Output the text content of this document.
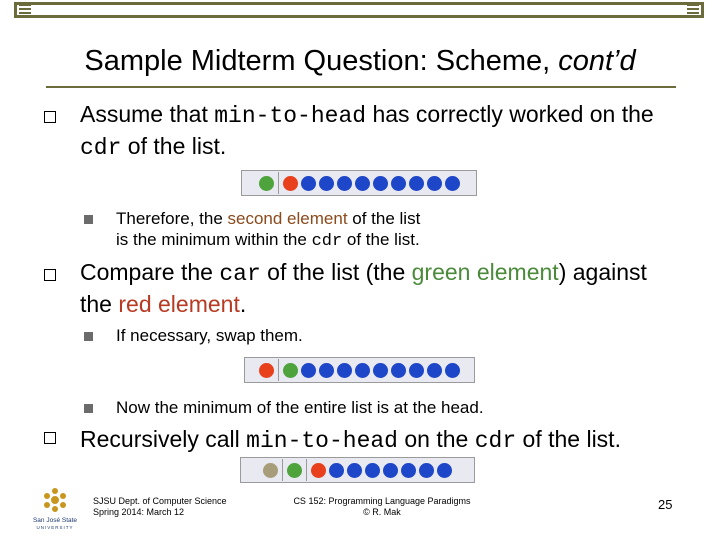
Sample Midterm Question: Scheme, cont’d
Assume that min-to-head has correctly worked on the
cdr of the list.
Therefore, the second element of the list
is the minimum within the cdr of the list.
Compare the car of the list (the green element) against
the red element.
If necessary, swap them.
Now the minimum of the entire list is at the head.
Recursively call min-to-head on the cdr of the list.
San José State
UNIVERSITY
SJSU Dept. of Computer Science
Spring 2014: March 12
CS 152: Programming Language Paradigms
© R. Mak	25
